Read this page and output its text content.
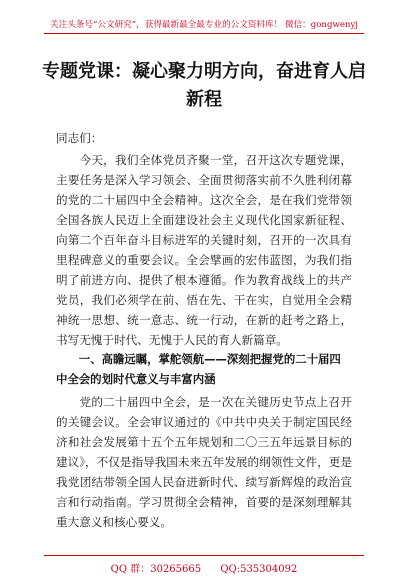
关注头条号“公文研究”，获得最新最全最专业的公文资料库！ 微信：gongwenyj
专题党课：凝心聚力明方向，奋进育人启新程
同志们：
今天，我们全体党员齐聚一堂，召开这次专题党课，主要任务是深入学习领会、全面贯彻落实前不久胜利闭幕的党的二十届四中全会精神。这次全会，是在我们党带领全国各族人民迈上全面建设社会主义现代化国家新征程、向第二个百年奋斗目标进军的关键时刻，召开的一次具有里程碑意义的重要会议。全会擘画的宏伟蓝图，为我们指明了前进方向、提供了根本遵循。作为教育战线上的共产党员，我们必须学在前、悟在先、干在实，自觉用全会精神统一思想、统一意志、统一行动，在新的赶考之路上，书写无愧于时代、无愧于人民的育人新篇章。
一、高瞻远瞩，掌舵领航——深刻把握党的二十届四中全会的划时代意义与丰富内涵
党的二十届四中全会，是一次在关键历史节点上召开的关键会议。全会审议通过的《中共中央关于制定国民经济和社会发展第十五个五年规划和二〇三五年远景目标的建议》，不仅是指导我国未来五年发展的纲领性文件，更是我党团结带领全国人民奋进新时代、续写新辉煌的政治宣言和行动指南。学习贯彻全会精神，首要的是深刻理解其重大意义和核心要义。
QQ 群：30265665 QQ:535304092
